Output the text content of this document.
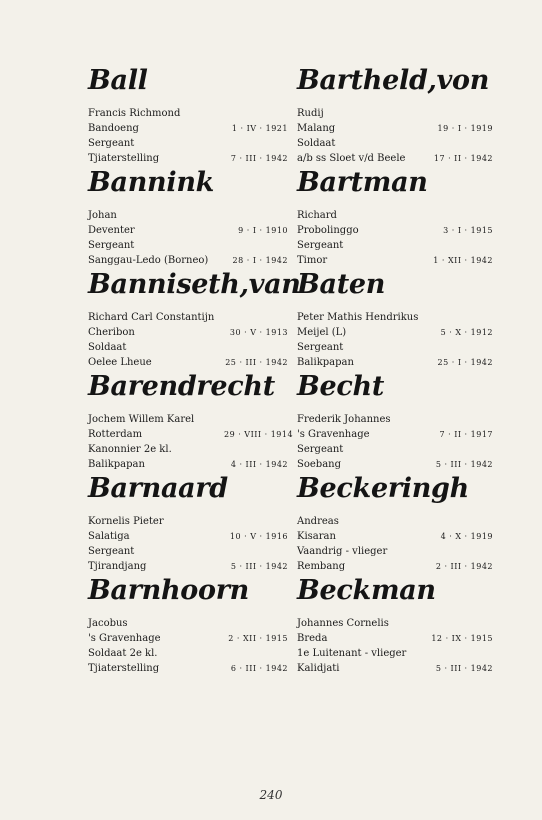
Ball
Francis Richmond
Bandoeng	1 · IV · 1921
Sergeant
Tjiaterstelling	7 · III · 1942
Bannink
Johan
Deventer	9 · I · 1910
Sergeant
Sanggau-Ledo (Borneo)	28 · I · 1942
Banniseth,van
Richard Carl Constantijn
Cheribon	30 · V · 1913
Soldaat
Oelee Lheue	25 · III · 1942
Barendrecht
Jochem Willem Karel
Rotterdam	29 · VIII · 1914
Kanonnier 2e kl.
Balikpapan	4 · III · 1942
Barnaard
Kornelis Pieter
Salatiga	10 · V · 1916
Sergeant
Tjirandjang	5 · III · 1942
Barnhoorn
Jacobus
's Gravenhage	2 · XII · 1915
Soldaat 2e kl.
Tjiaterstelling	6 · III · 1942
Bartheld,von
Rudij
Malang	19 · I · 1919
Soldaat
a/b ss Sloet v/d Beele	17 · II · 1942
Bartman
Richard
Probolinggo	3 · I · 1915
Sergeant
Timor	1 · XII · 1942
Baten
Peter Mathis Hendrikus
Meijel (L)	5 · X · 1912
Sergeant
Balikpapan	25 · I · 1942
Becht
Frederik Johannes
's Gravenhage	7 · II · 1917
Sergeant
Soebang	5 · III · 1942
Beckeringh
Andreas
Kisaran	4 · X · 1919
Vaandrig - vlieger
Rembang	2 · III · 1942
Beckman
Johannes Cornelis
Breda	12 · IX · 1915
1e Luitenant - vlieger
Kalidjati	5 · III · 1942
240
